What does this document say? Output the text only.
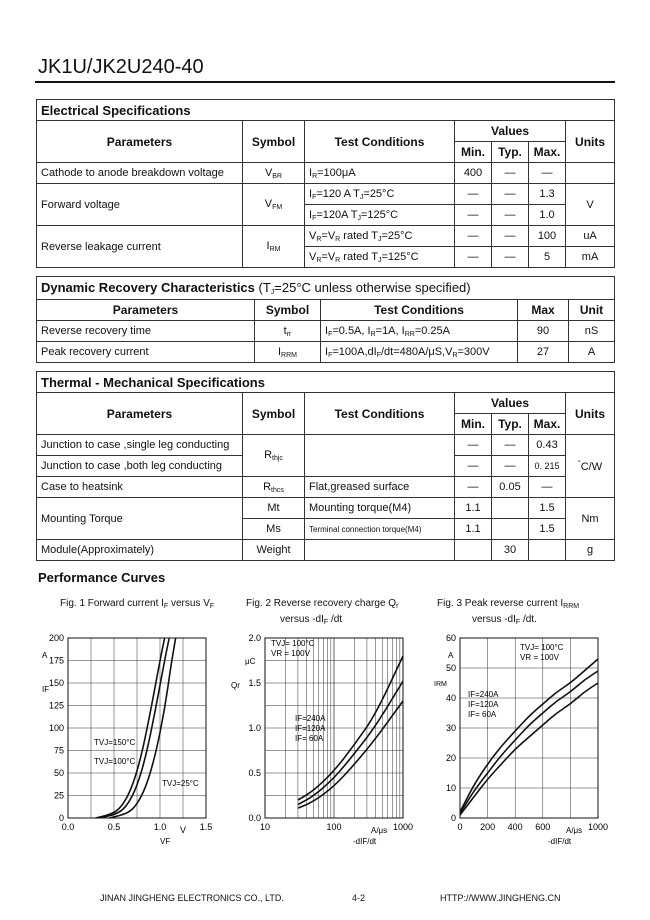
JK1U/JK2U240-40
Electrical Specifications						
Parameters	Symbol	Test Conditions	Values			Units
			Min.	Typ.	Max.	
Cathode to anode breakdown voltage	$V_{BR}$	$I_R=100\mu A$	400	—	—	
Forward voltage	$V_{FM}$	$I_F=120$ A $T_J=25^\circ C$	—	—	1.3	V
		$I_F=120A$ $T_J=125^\circ C$	—	—	1.0	
Reverse leakage current	$I_{RM}$	$V_R=V_R$ rated $T_J=25^\circ C$	—	—	100	uA
		$V_R=V_R$ rated $T_J=125^\circ C$	—	—	5	mA
Dynamic Recovery Characteristics ($T_J=25^\circ C$ unless otherwise specified)				
Parameters	Symbol	Test Conditions	Max	Unit
Reverse recovery time	$t_{rr}$	$I_F=0.5A$, $I_R=1A$, $I_{RR}=0.25A$	90	nS
Peak recovery current	$I_{RRM}$	$I_F=100A,dI_F/dt=480A/\mu S,V_R=300V$	27	A
Thermal - Mechanical Specifications						
Parameters	Symbol	Test Conditions	Values			Units
			Min.	Typ.	Max.	
Junction to case ,single leg conducting	$R_{thjc}$		—	—	0.43	°C/W
Junction to case ,both leg conducting			—	—	0. 215	
Case to heatsink	$R_{thcs}$	Flat,greased surface	—	0.05	—	
Mounting Torque	Mt	Mounting torque(M4)	1.1		1.5	Nm
	Ms	Terminal connection torque(M4)	1.1		1.5	
Module(Approximately)	Weight			30		g
Performance Curves
Fig. 1 Forward current $I_F$ versus $V_F$	Fig. 2 Reverse recovery charge $Q_r$
versus $-dI_F$ /dt
Fig. 3 Peak reverse current $I_{RRM}$
versus $-dI_F$ /dt.
0
25
50
75
100
125
150
175
200
0.0	0.5	1.0	1.5
A
IF
V
VF
TVJ=150°C
TVJ=100°C
TVJ=25°C
0.0
0.5
1.0
1.5
2.0
10	100	1000
μC
Qr
A/μs
-dIF/dt
TVJ= 100°C
VR = 100V
IF=240A
IF=120A
IF= 60A
0
10
20
30
40
50
60
0 200 400 600	1000
A
IRM
A/μs
-dIF/dt
TVJ= 100°C
VR = 100V
IF=240A
IF=120A
IF= 60A
JINAN JINGHENG ELECTRONICS CO., LTD.	4-2	HTTP://WWW.JINGHENG.CN
